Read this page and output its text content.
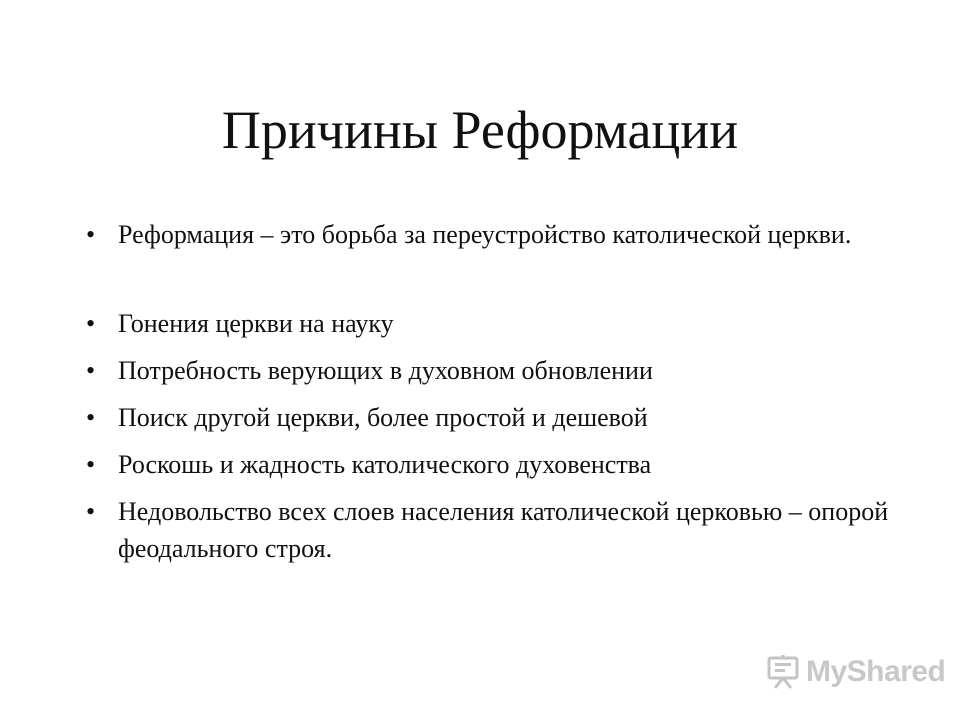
Причины Реформации
• Реформация – это борьба за переустройство католической церкви.
• Гонения церкви на науку
• Потребность верующих в духовном обновлении
• Поиск другой церкви, более простой и дешевой
• Роскошь и жадность католического духовенства
• Недовольство всех слоев населения католической церковью – опорой феодального строя.
MyShared
